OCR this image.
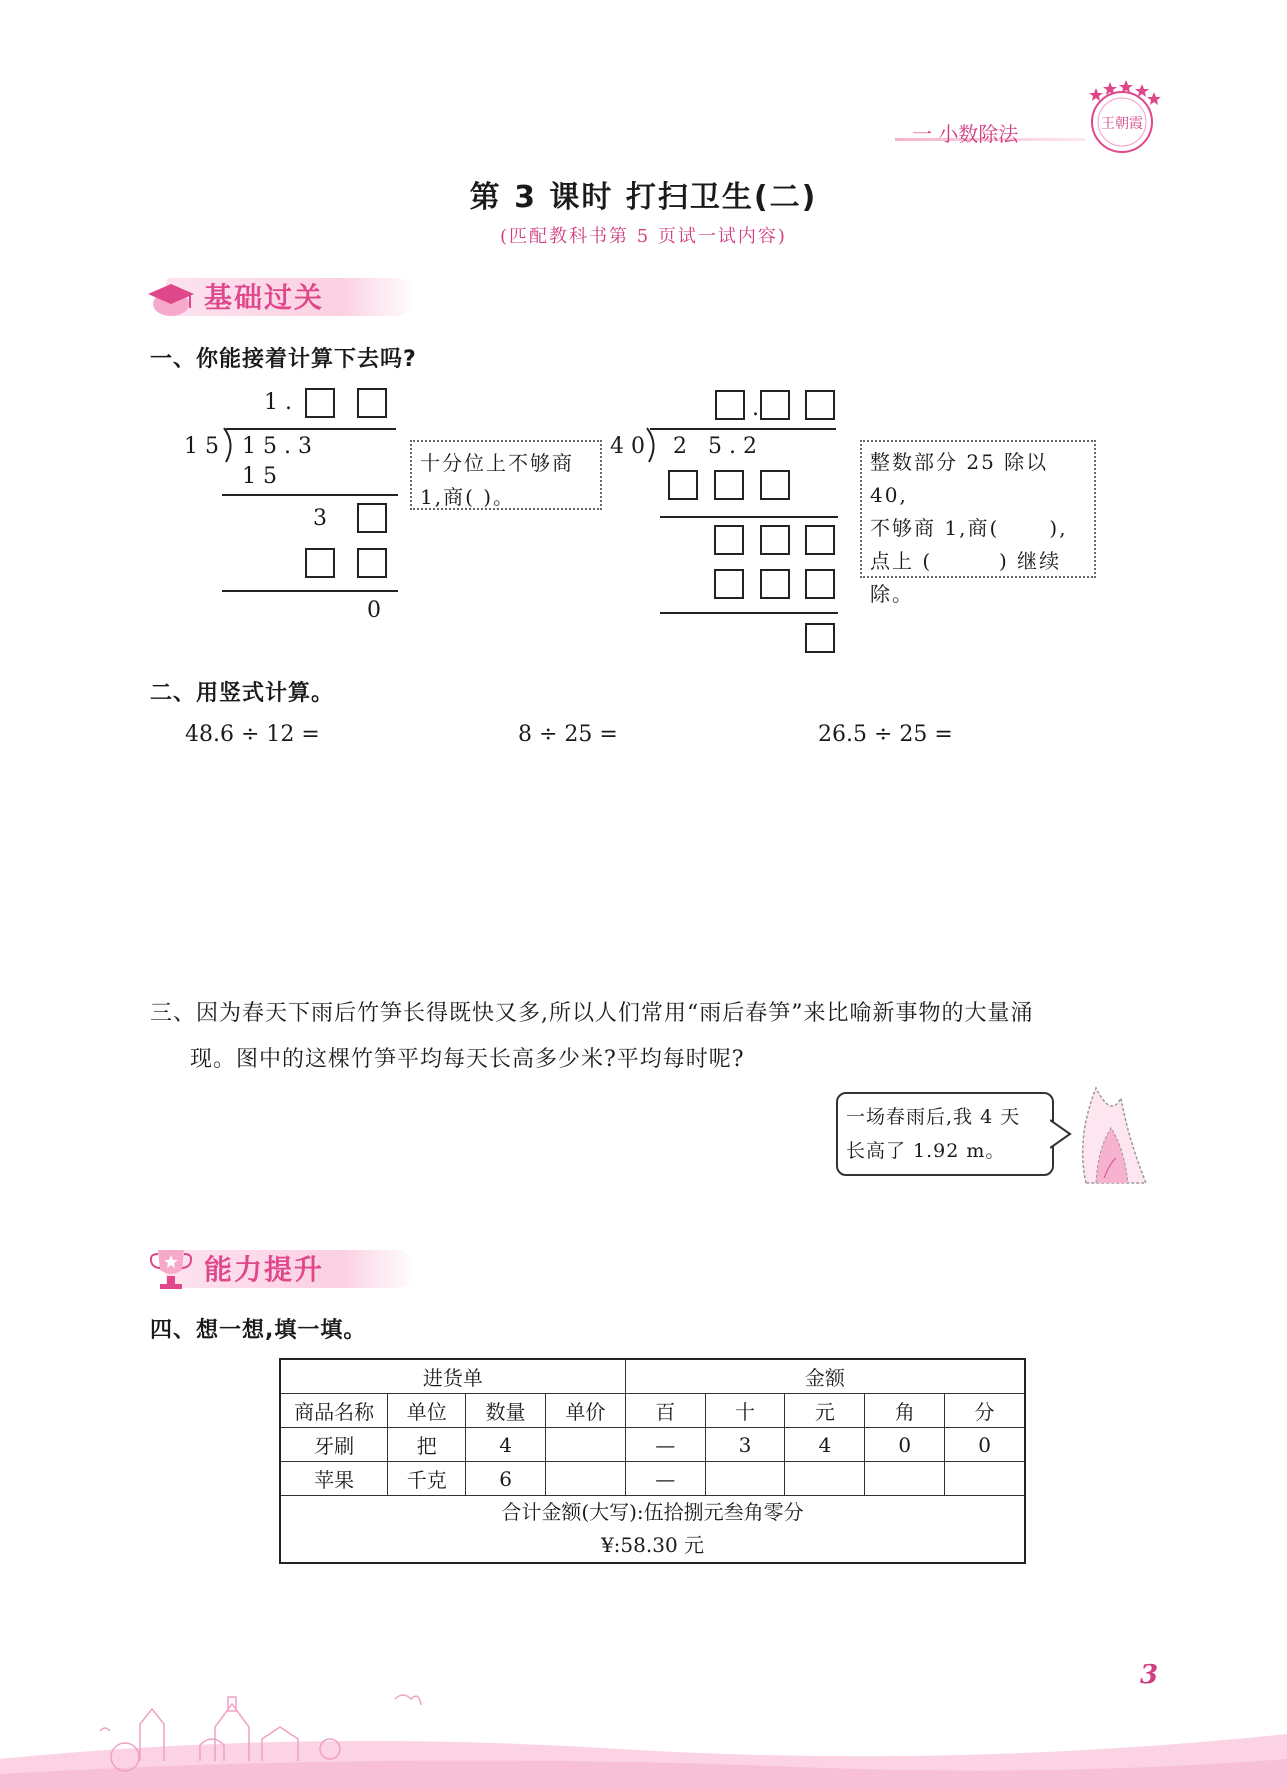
一 小数除法	王朝霞
第 3 课时 打扫卫生(二)
(匹配教科书第 5 页试一试内容)
基础过关
一、你能接着计算下去吗?
1 .
1 5 1 5 . 3
1 5
3
0
十分位上不够商 1,商( )。
.
4 0 2   5 . 2
整数部分 25 除以 40,
不够商 1,商(      ),
点上 (        ) 继续
除。
二、用竖式计算。
48.6 ÷ 12 =	8 ÷ 25 =	26.5 ÷ 25 =
三、因为春天下雨后竹笋长得既快又多,所以人们常用“雨后春笋”来比喻新事物的大量涌
现。图中的这棵竹笋平均每天长高多少米?平均每时呢?
一场春雨后,我 4 天
长高了 1.92 m。
能力提升
四、想一想,填一填。
进货单				金额				
商品名称	单位	数量	单价	百	十	元	角	分
牙刷	把	4		—	3	4	0	0
苹果	千克	6		—				

合计金额(大写):伍拾捌元叁角零分
¥:58.30 元								
3
